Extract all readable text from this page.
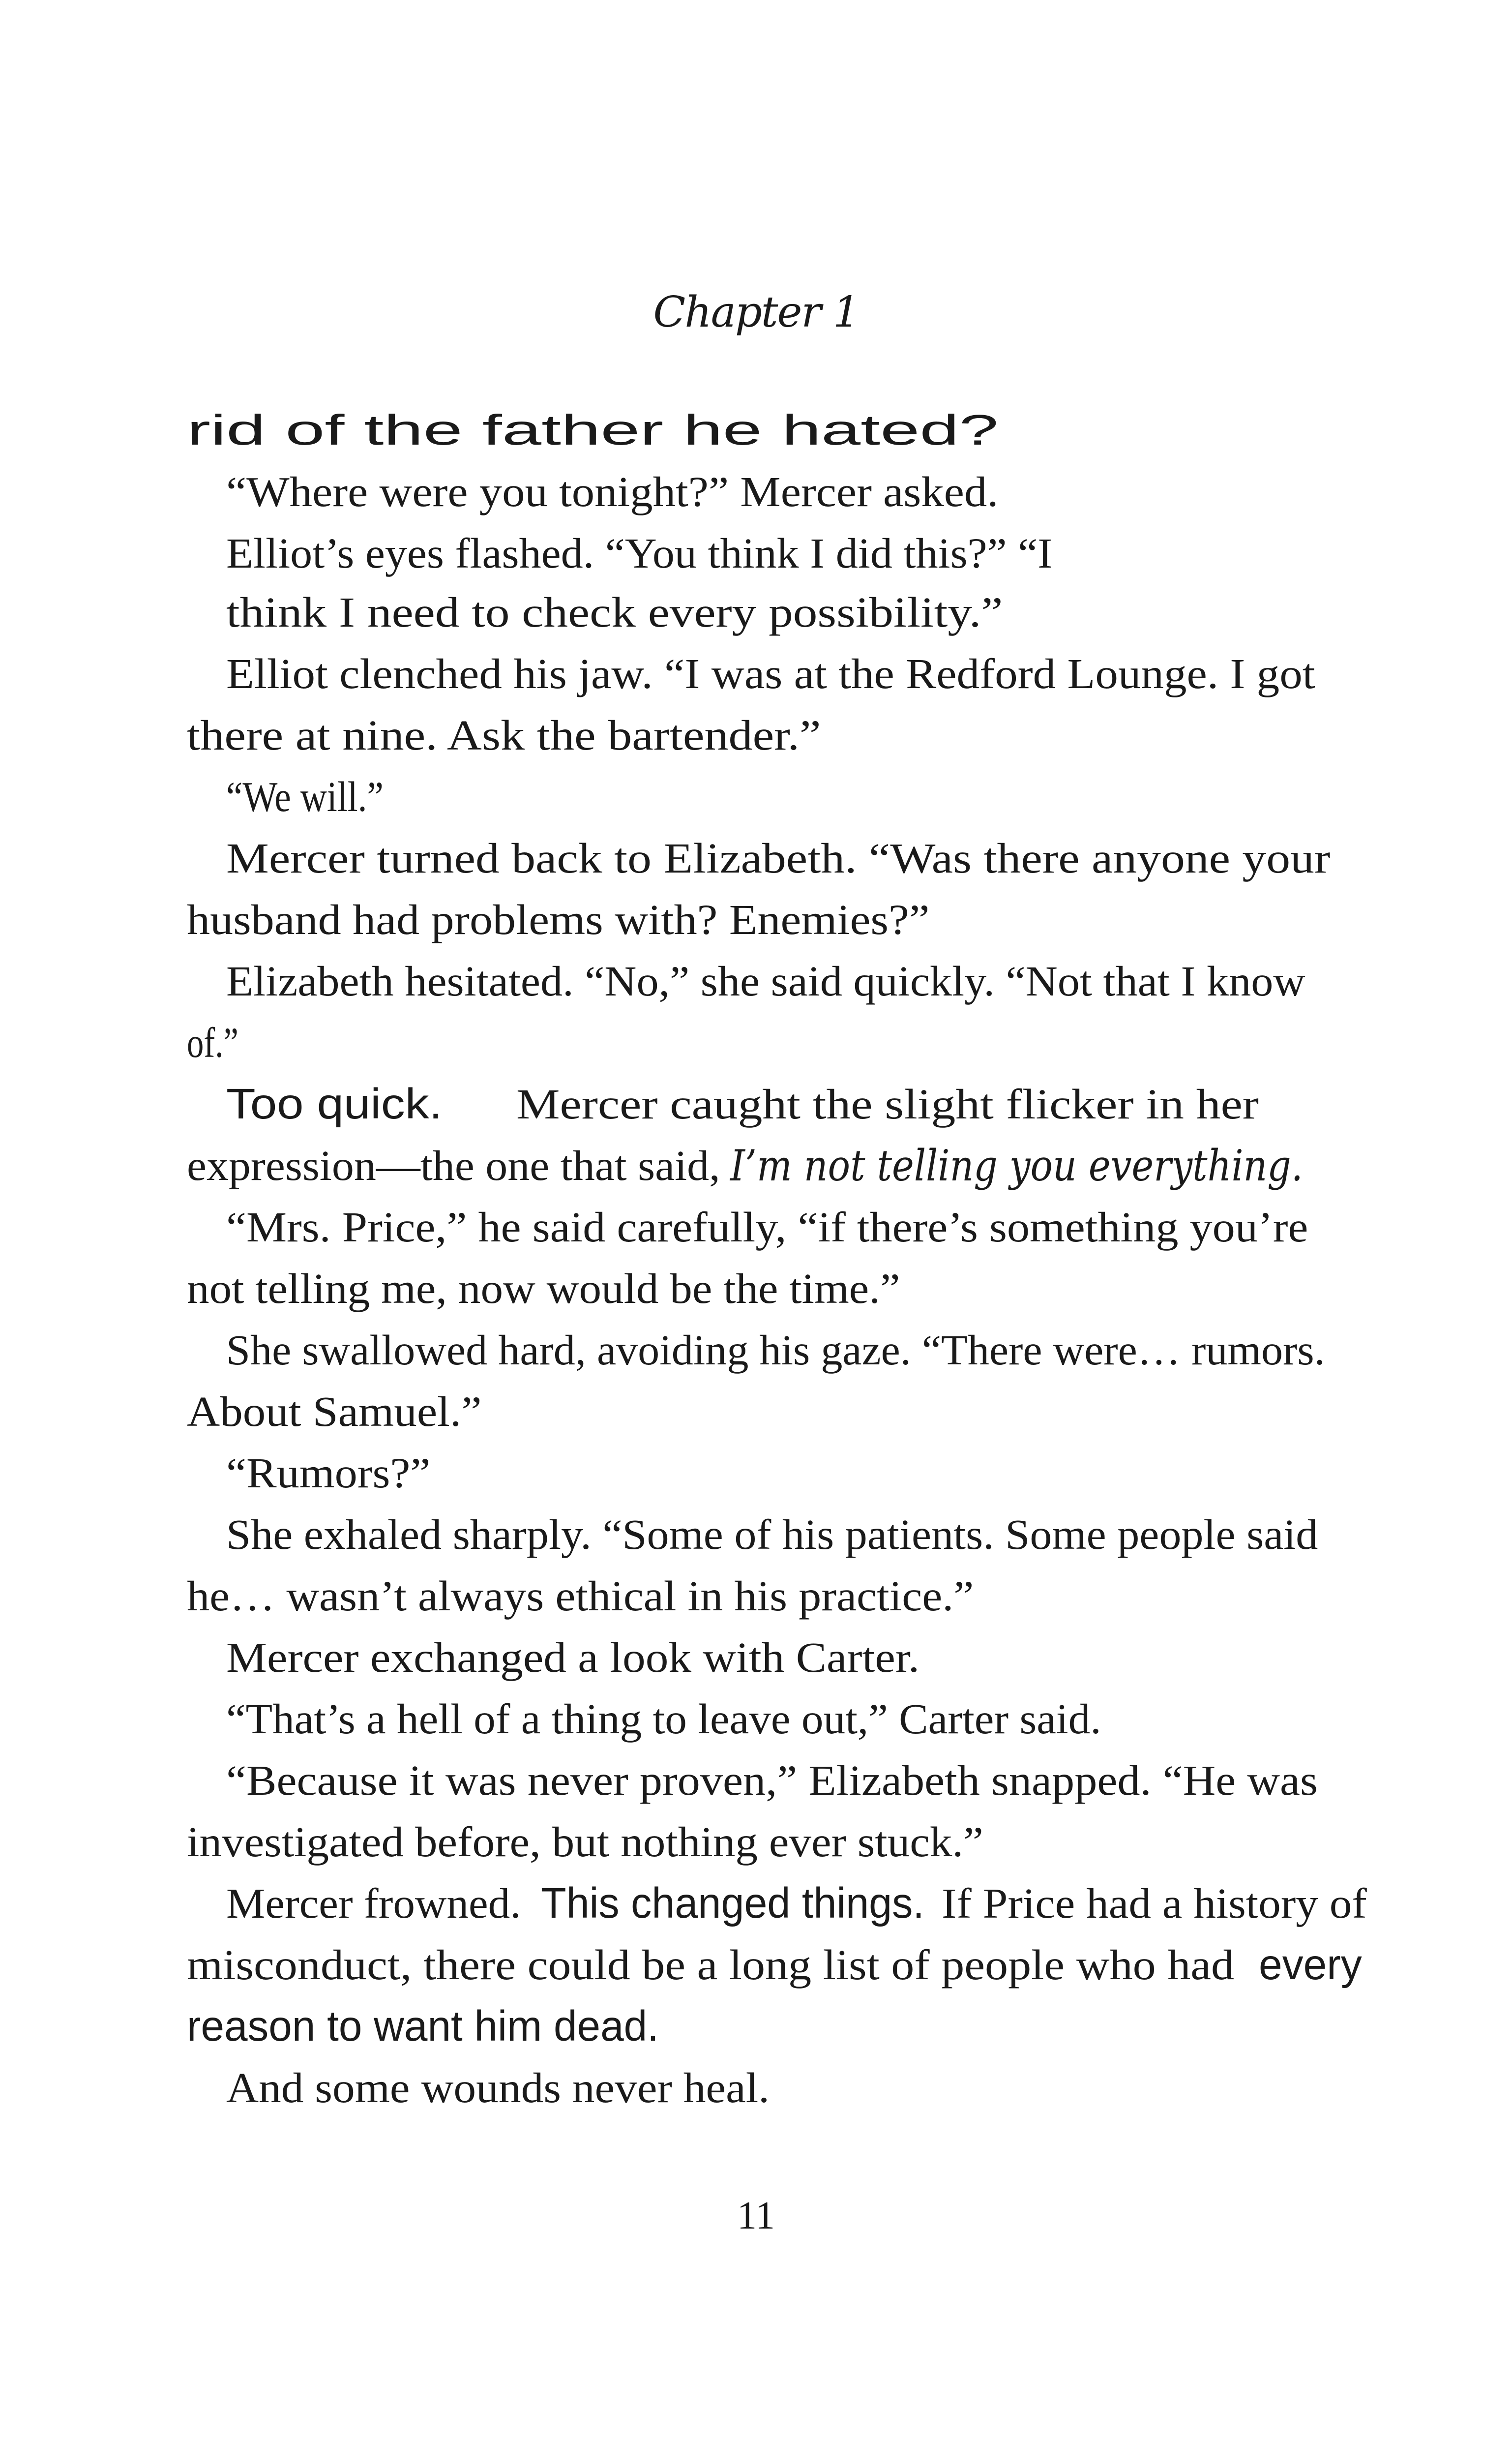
Chapter 1
rid of the father he hated?
“Where were you tonight?” Mercer asked.
Elliot’s eyes flashed. “You think I did this?” “I
think I need to check every possibility.”
Elliot clenched his jaw. “I was at the Redford Lounge. I got
there at nine. Ask the bartender.”
“We will.”
Mercer turned back to Elizabeth. “Was there anyone your
husband had problems with? Enemies?”
Elizabeth hesitated. “No,” she said quickly. “Not that I know
of.”
Too quick. Mercer caught the slight flicker in her
expression—the one that said, I’m not telling you everything.
“Mrs. Price,” he said carefully, “if there’s something you’re
not telling me, now would be the time.”
She swallowed hard, avoiding his gaze. “There were… rumors.
About Samuel.”
“Rumors?”
She exhaled sharply. “Some of his patients. Some people said
he… wasn’t always ethical in his practice.”
Mercer exchanged a look with Carter.
“That’s a hell of a thing to leave out,” Carter said.
“Because it was never proven,” Elizabeth snapped. “He was
investigated before, but nothing ever stuck.”
Mercer frowned. This changed things. If Price had a history of
misconduct, there could be a long list of people who had every
reason to want him dead.
And some wounds never heal.
11
